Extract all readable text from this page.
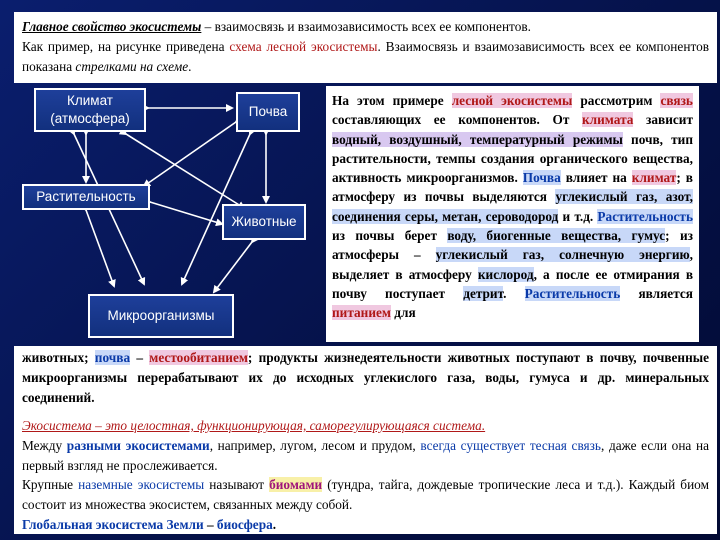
Главное свойство экосистемы – взаимосвязь и взаимозависимость всех ее компонентов.
Как пример, на рисунке приведена схема лесной экосистемы. Взаимосвязь и взаимозависимость всех ее компонентов показана стрелками на схеме.
Климат (атмосфера)	Почва
Растительность
Животные
Микроорганизмы
На этом примере лесной экосистемы рассмотрим связь составляющих ее компонентов. От климата зависит водный, воздушный, температурный режимы почв, тип растительности, темпы создания органического вещества, активность микроорганизмов. Почва влияет на климат; в атмосферу из почвы выделяются углекислый газ, азот, соединения серы, метан, сероводород и т.д. Растительность из почвы берет воду, биогенные вещества, гумус; из атмосферы – углекислый газ, солнечную энергию, выделяет в атмосферу кислород, а после ее отмирания в почву поступает детрит. Растительность является питанием для
животных; почва – местообитанием; продукты жизнедеятельности животных поступают в почву, почвенные микроорганизмы перерабатывают их до исходных углекислого газа, воды, гумуса и др. минеральных соединений.
Экосистема – это целостная, функционирующая, саморегулирующаяся система.
Между разными экосистемами, например, лугом, лесом и прудом, всегда существует тесная связь, даже если она на первый взгляд не прослеживается.
Крупные наземные экосистемы называют биомами (тундра, тайга, дождевые тропические леса и т.д.). Каждый биом состоит из множества экосистем, связанных между собой.
Глобальная экосистема Земли – биосфера.
